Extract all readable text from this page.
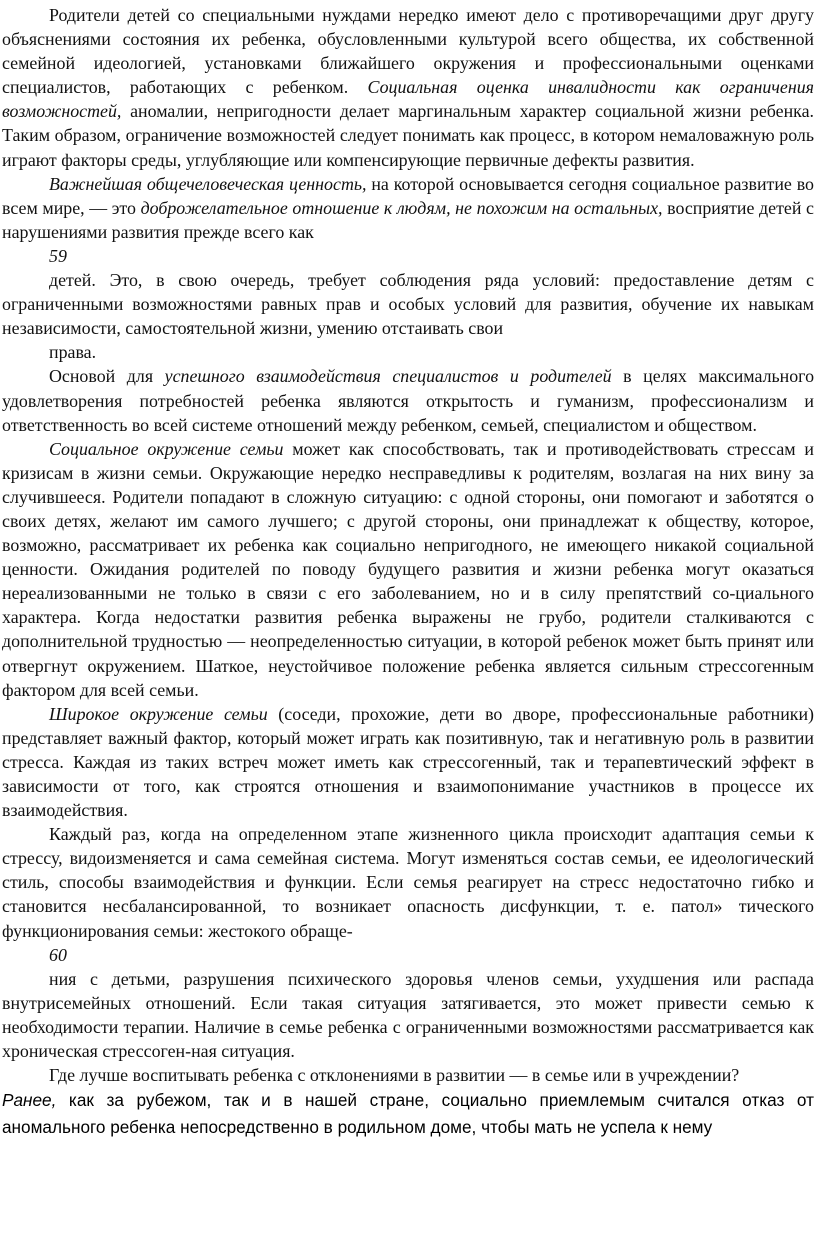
Родители детей со специальными нуждами нередко имеют дело с противоречащими друг другу объяснениями состояния их ребенка, обусловленными культурой всего общества, их собственной семейной идеологией, установками ближайшего окружения и профессиональными оценками специалистов, работающих с ребенком. Социальная оценка инвалидности как ограничения возможностей, аномалии, непригодности делает маргинальным характер социальной жизни ребенка. Таким образом, ограничение возможностей следует понимать как процесс, в котором немаловажную роль играют факторы среды, углубляющие или компенсирующие первичные дефекты развития.

Важнейшая общечеловеческая ценность, на которой основывается сегодня социальное развитие во всем мире, — это доброжелательное отношение к людям, не похожим на остальных, восприятие детей с нарушениями развития прежде всего как

59

детей. Это, в свою очередь, требует соблюдения ряда условий: предоставление детям с ограниченными возможностями равных прав и особых условий для развития, обучение их навыкам независимости, самостоятельной жизни, умению отстаивать свои

права.

Основой для успешного взаимодействия специалистов и родителей в целях максимального удовлетворения потребностей ребенка являются открытость и гуманизм, профессионализм и ответственность во всей системе отношений между ребенком, семьей, специалистом и обществом.

Социальное окружение семьи может как способствовать, так и противодействовать стрессам и кризисам в жизни семьи. Окружающие нередко несправедливы к родителям, возлагая на них вину за случившееся. Родители попадают в сложную ситуацию: с одной стороны, они помогают и заботятся о своих детях, желают им самого лучшего; с другой стороны, они принадлежат к обществу, которое, возможно, рассматривает их ребенка как социально непригодного, не имеющего никакой социальной ценности. Ожидания родителей по поводу будущего развития и жизни ребенка могут оказаться нереализованными не только в связи с его заболеванием, но и в силу препятствий со-циального характера. Когда недостатки развития ребенка выражены не грубо, родители сталкиваются с дополнительной трудностью — неопределенностью ситуации, в которой ребенок может быть принят или отвергнут окружением. Шаткое, неустойчивое положение ребенка является сильным стрессогенным фактором для всей семьи.

Широкое окружение семьи (соседи, прохожие, дети во дворе, профессиональные работники) представляет важный фактор, который может играть как позитивную, так и негативную роль в развитии стресса. Каждая из таких встреч может иметь как стрессогенный, так и терапевтический эффект в зависимости от того, как строятся отношения и взаимопонимание участников в процессе их взаимодействия.

Каждый раз, когда на определенном этапе жизненного цикла происходит адаптация семьи к стрессу, видоизменяется и сама семейная система. Могут изменяться состав семьи, ее идеологический стиль, способы взаимодействия и функции. Если семья реагирует на стресс недостаточно гибко и становится несбалансированной, то возникает опасность дисфункции, т. е. патол» тического функционирования семьи: жестокого обраще-

60

ния с детьми, разрушения психического здоровья членов семьи, ухудшения или распада внутрисемейных отношений. Если такая ситуация затягивается, это может привести семью к необходимости терапии. Наличие в семье ребенка с ограниченными возможностями рассматривается как хроническая стрессоген-ная ситуация.

Где лучше воспитывать ребенка с отклонениями в развитии — в семье или в учреждении?

Ранее, как за рубежом, так и в нашей стране, социально приемлемым считался отказ от аномального ребенка непосредственно в родильном доме, чтобы мать не успела к нему
